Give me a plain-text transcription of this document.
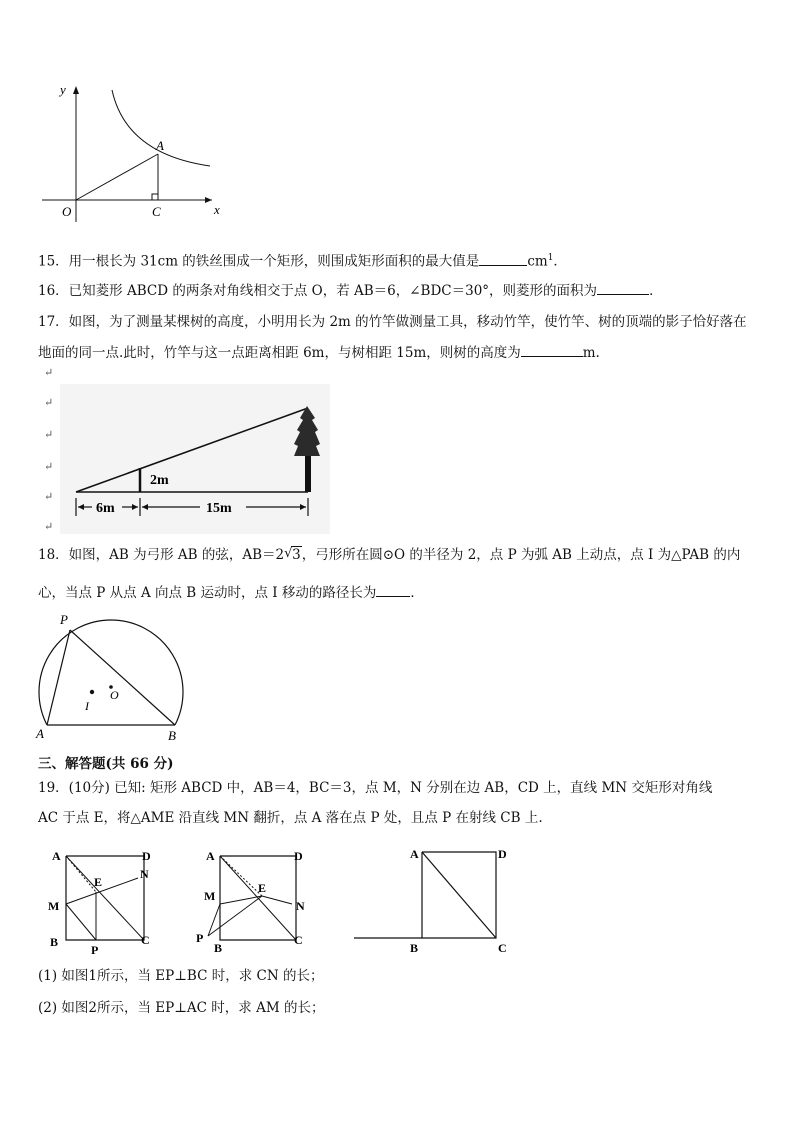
y
x
O
A
C
15．用一根长为 31cm 的铁丝围成一个矩形，则围成矩形面积的最大值是	$cm^1$．
16．已知菱形 ABCD 的两条对角线相交于点 O，若 AB＝6，∠BDC＝30°，则菱形的面积为	．
17．如图，为了测量某棵树的高度，小明用长为 2m 的竹竿做测量工具，移动竹竿，使竹竿、树的顶端的影子恰好落在
地面的同一点.此时，竹竿与这一点距离相距 6m，与树相距 15m，则树的高度为	m.
↵
↵
↵
↵
↵
↵
2m
6m	15m
18．如图，AB 为弓形 AB 的弦，AB＝2 √ 3，弓形所在圆⊙O 的半径为 2，点 P 为弧 AB 上动点，点 I 为△PAB 的内
心，当点 P 从点 A 向点 B 运动时，点 I 移动的路径长为	．
P
A	B
O
I
三、解答题(共 66 分)
19．(10分) 已知: 矩形 ABCD 中，AB＝4，BC＝3，点 M，N 分别在边 AB，CD 上，直线 MN 交矩形对角线
AC 于点 E，将△AME 沿直线 MN 翻折，点 A 落在点 P 处，且点 P 在射线 CB 上.
A	D
N
E
M
B
P
C
A	D
M
E
N
P
B
C
A	D
B	C
(1) 如图1所示，当 EP⊥BC 时，求 CN 的长；
(2) 如图2所示，当 EP⊥AC 时，求 AM 的长；
